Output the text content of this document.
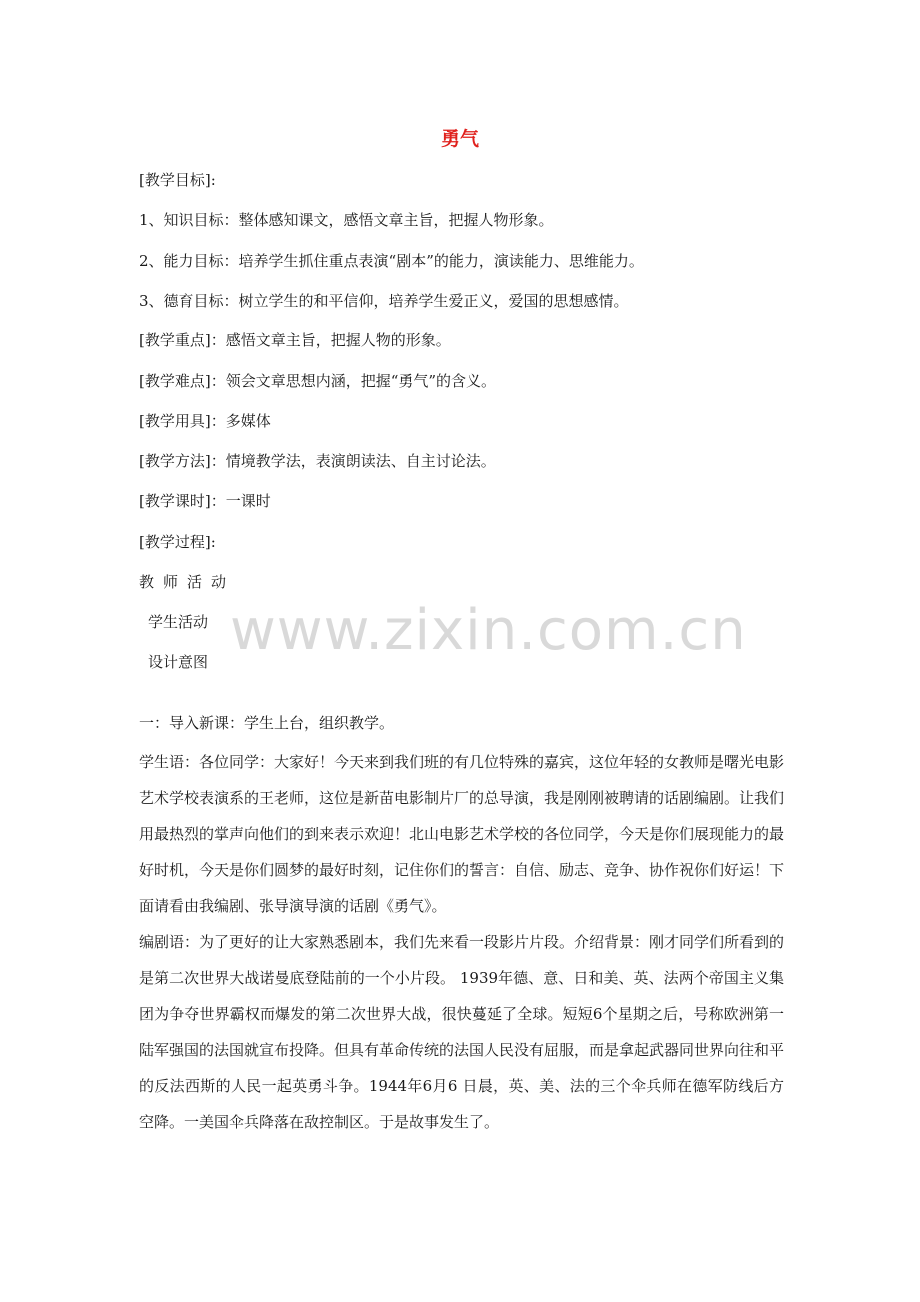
勇气
[教学目标]:
1、知识目标：整体感知课文，感悟文章主旨，把握人物形象。
2、能力目标：培养学生抓住重点表演“剧本”的能力，演读能力、思维能力。
3、德育目标：树立学生的和平信仰，培养学生爱正义，爱国的思想感情。
[教学重点]：感悟文章主旨，把握人物的形象。
[教学难点]：领会文章思想内涵，把握“勇气”的含义。
[教学用具]：多媒体
[教学方法]：情境教学法，表演朗读法、自主讨论法。
[教学课时]：一课时
[教学过程]:
教师活动
学生活动
设计意图
一：导入新课：学生上台，组织教学。
学生语：各位同学：大家好！今天来到我们班的有几位特殊的嘉宾，这位年轻的女教师是曙光电影艺术学校表演系的王老师，这位是新苗电影制片厂的总导演，我是刚刚被聘请的话剧编剧。让我们用最热烈的掌声向他们的到来表示欢迎！北山电影艺术学校的各位同学，今天是你们展现能力的最好时机，今天是你们圆梦的最好时刻，记住你们的誓言：自信、励志、竞争、协作祝你们好运！下面请看由我编剧、张导演导演的话剧《勇气》。
编剧语：为了更好的让大家熟悉剧本，我们先来看一段影片片段。介绍背景：刚才同学们所看到的是第二次世界大战诺曼底登陆前的一个小片段。 1939年德、意、日和美、英、法两个帝国主义集团为争夺世界霸权而爆发的第二次世界大战，很快蔓延了全球。短短6个星期之后，号称欧洲第一陆军强国的法国就宣布投降。但具有革命传统的法国人民没有屈服，而是拿起武器同世界向往和平的反法西斯的人民一起英勇斗争。1944年6月6 日晨，英、美、法的三个伞兵师在德军防线后方空降。一美国伞兵降落在敌控制区。于是故事发生了。
www.zixin.com.cn
